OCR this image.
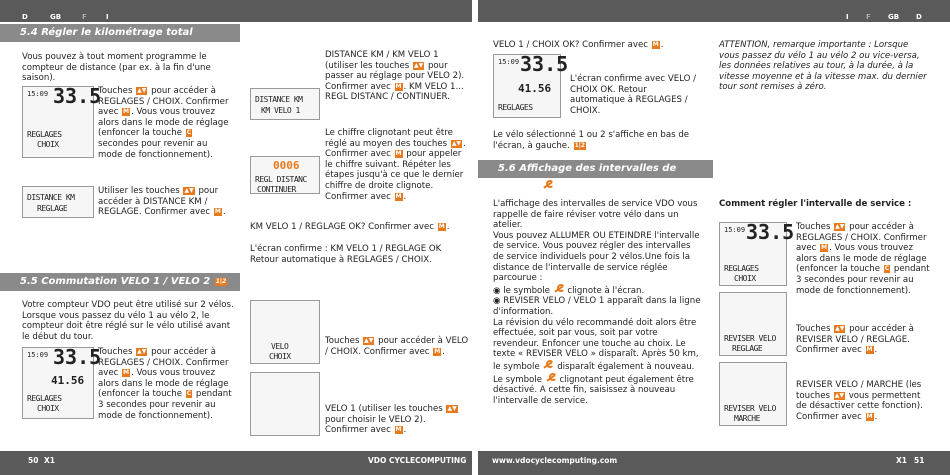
D	GB	F	I	I F GB D
5.4 Régler le kilométrage total
Vous pouvez à tout moment programme le compteur de distance (par ex. à la fin d'une saison).
15:09 33.5
REGLAGES
CHOIX
Touches ▲▼ pour accéder à REGLAGES / CHOIX. Confirmer avec M . Vous vous trouvez alors dans le mode de réglage (enfoncer la touche C secondes pour revenir au mode de fonctionnement).
DISTANCE KM
REGLAGE
Utiliser les touches ▲▼ pour accéder à DISTANCE KM / REGLAGE. Confirmer avec M .
DISTANCE KM
KM VELO 1
DISTANCE KM / KM VELO 1 (utiliser les touches ▲▼ pour passer au réglage pour VELO 2). Confirmer avec M . KM VELO 1... REGL DISTANC / CONTINUER.
0006
REGL DISTANC
CONTINUER
Le chiffre clignotant peut être réglé au moyen des touches ▲▼ . Confirmer avec M pour appeler le chiffre suivant. Répéter les étapes jusqu'à ce que le dernier chiffre de droite clignote. Confirmer avec M .
KM VELO 1 / REGLAGE OK? Confirmer avec M .
L'écran confirme : KM VELO 1 / REGLAGE OK Retour automatique à REGLAGES / CHOIX.
5.5 Commutation VELO 1 / VELO 2 1|2
Votre compteur VDO peut être utilisé sur 2 vélos. Lorsque vous passez du vélo 1 au vélo 2, le compteur doit être réglé sur le vélo utilisé avant le début du tour.
15:09 33.5
41.56
REGLAGES
CHOIX
Touches ▲▼ pour accéder à REGLAGES / CHOIX. Confirmer avec M . Vous vous trouvez alors dans le mode de réglage (enfoncer la touche C pendant 3 secondes pour revenir au mode de fonctionnement).
VELO
CHOIX
Touches ▲▼ pour accéder à VELO / CHOIX. Confirmer avec M .
VELO 1 (utiliser les touches ▲▼ pour choisir le VELO 2). Confirmer avec M .
VELO 1 / CHOIX OK? Confirmer avec M .
15:09 33.5
41.56
REGLAGES
L'écran confirme avec VELO / CHOIX OK. Retour automatique à REGLAGES / CHOIX.
Le vélo sélectionné 1 ou 2 s'affiche en bas de l'écran, à gauche. 1|2
ATTENTION, remarque importante : Lorsque vous passez du vélo 1 au vélo 2 ou vice-versa, les données relatives au tour, à la durée, à la vitesse moyenne et à la vitesse max. du dernier tour sont remises à zéro.
5.6 Affichage des intervalles de service

L'affichage des intervalles de service VDO vous rappelle de faire réviser votre vélo dans un atelier.

Vous pouvez ALLUMER OU ETEINDRE l'intervalle de service. Vous pouvez régler des intervalles de service individuels pour 2 vélos.Une fois la distance de l'intervalle de service réglée parcourue :

◉ le symbole  clignote à l'écran.

◉ REVISER VELO / VELO 1 apparaît dans la ligne d'information.

La révision du vélo recommandé doit alors être effectuée, soit par vous, soit par votre revendeur. Enfoncer une touche au choix. Le texte « REVISER VELO » disparaît. Après 50 km, le symbole  disparaît également à nouveau.

Le symbole  clignotant peut également être désactivé. A cette fin, saisissez à nouveau l'intervalle de service.

Comment régler l'intervalle de service :
15:09 33.5
REGLAGES
CHOIX
Touches ▲▼ pour accéder à REGLAGES / CHOIX. Confirmer avec M . Vous vous trouvez alors dans le mode de réglage (enfoncer la touche C pendant 3 secondes pour revenir au mode de fonctionnement).
REVISER VELO
REGLAGE
Touches ▲▼ pour accéder à REVISER VELO / REGLAGE. Confirmer avec M .
REVISER VELO
MARCHE
REVISER VELO / MARCHE (les touches ▲▼ vous permettent de désactiver cette fonction). Confirmer avec M .
50 X1	VDO CYCLECOMPUTING	www.vdocyclecomputing.com	X1 51
